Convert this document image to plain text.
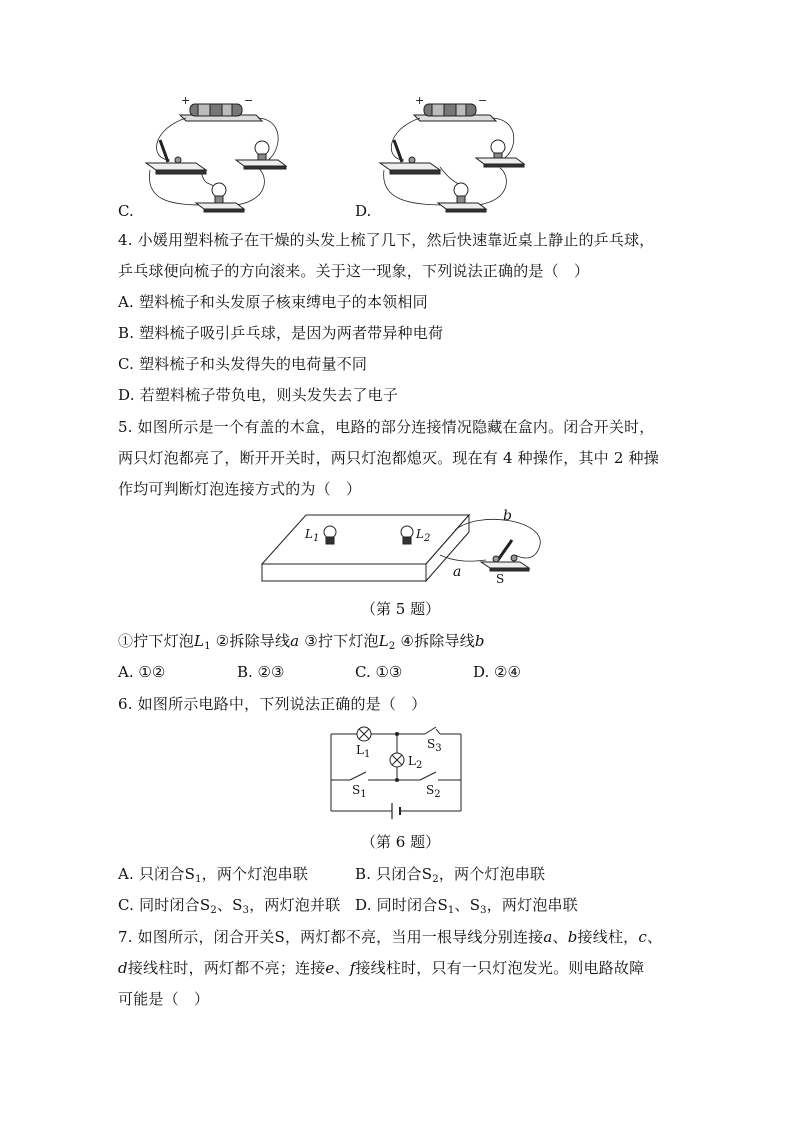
+	−	+	−
C.	D.
4. 小媛用塑料梳子在干燥的头发上梳了几下，然后快速靠近桌上静止的乒乓球，
乒乓球便向梳子的方向滚来。关于这一现象，下列说法正确的是（　）
A. 塑料梳子和头发原子核束缚电子的本领相同
B. 塑料梳子吸引乒乓球，是因为两者带异种电荷
C. 塑料梳子和头发得失的电荷量不同
D. 若塑料梳子带负电，则头发失去了电子
5. 如图所示是一个有盖的木盒，电路的部分连接情况隐藏在盒内。闭合开关时，
两只灯泡都亮了，断开开关时，两只灯泡都熄灭。现在有 4 种操作，其中 2 种操
作均可判断灯泡连接方式的为（　）
$L_1$	$L_2$
b
a	S
（第 5 题）
①拧下灯泡$L_1$ ②拆除导线a ③拧下灯泡$L_2$ ④拆除导线b
A. ①②	B. ②③	C. ①③	D. ②④
6. 如图所示电路中，下列说法正确的是（　）
$L_1$	$L_2$
$S_3$
$S_1$	$S_2$
（第 6 题）
A. 只闭合$S_1$，两个灯泡串联	B. 只闭合$S_2$，两个灯泡串联
C. 同时闭合$S_2$、$S_3$，两灯泡并联 D. 同时闭合$S_1$、$S_3$，两灯泡串联
7. 如图所示，闭合开关S，两灯都不亮，当用一根导线分别连接a、b接线柱，c、
d接线柱时，两灯都不亮；连接e、f接线柱时，只有一只灯泡发光。则电路故障
可能是（　）
